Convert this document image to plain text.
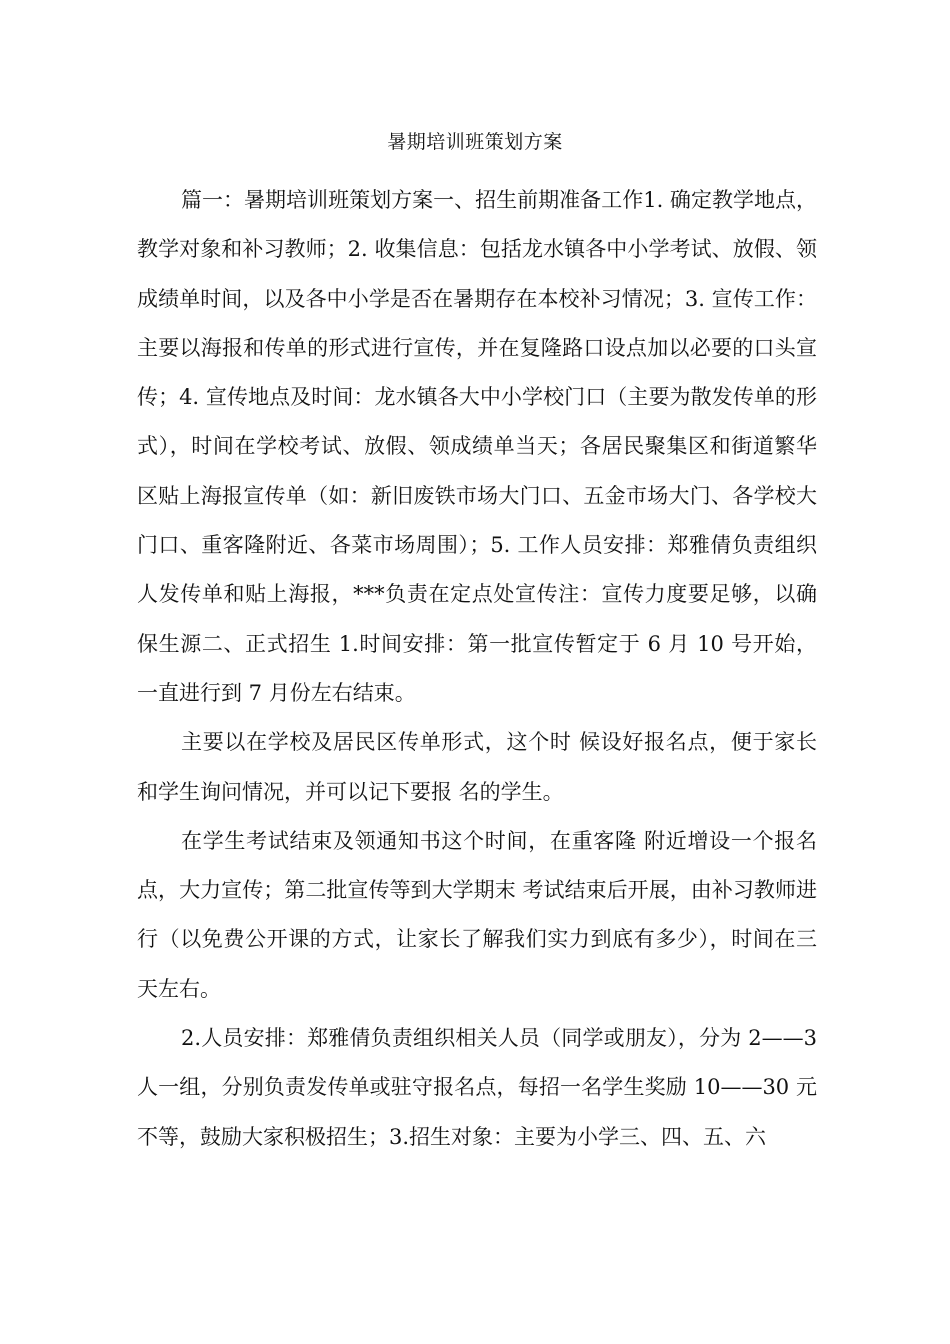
暑期培训班策划方案

篇一：暑期培训班策划方案一、招生前期准备工作1. 确定教学地点，教学对象和补习教师；2. 收集信息：包括龙水镇各中小学考试、放假、领成绩单时间，以及各中小学是否在暑期存在本校补习情况；3. 宣传工作：主要以海报和传单的形式进行宣传，并在复隆路口设点加以必要的口头宣传；4. 宣传地点及时间：龙水镇各大中小学校门口（主要为散发传单的形式），时间在学校考试、放假、领成绩单当天；各居民聚集区和街道繁华区贴上海报宣传单（如：新旧废铁市场大门口、五金市场大门、各学校大门口、重客隆附近、各菜市场周围）；5. 工作人员安排：郑雅倩负责组织人发传单和贴上海报，***负责在定点处宣传注：宣传力度要足够，以确保生源二、正式招生 1.时间安排：第一批宣传暂定于 6 月 10 号开始，一直进行到 7 月份左右结束。

主要以在学校及居民区传单形式，这个时 候设好报名点，便于家长和学生询问情况，并可以记下要报 名的学生。

在学生考试结束及领通知书这个时间，在重客隆 附近增设一个报名点，大力宣传；第二批宣传等到大学期末 考试结束后开展，由补习教师进行（以免费公开课的方式，让家长了解我们实力到底有多少），时间在三天左右。

2.人员安排：郑雅倩负责组织相关人员（同学或朋友），分为 2——3 人一组，分别负责发传单或驻守报名点，每招一名学生奖励 10——30 元不等，鼓励大家积极招生；3.招生对象：主要为小学三、四、五、六
